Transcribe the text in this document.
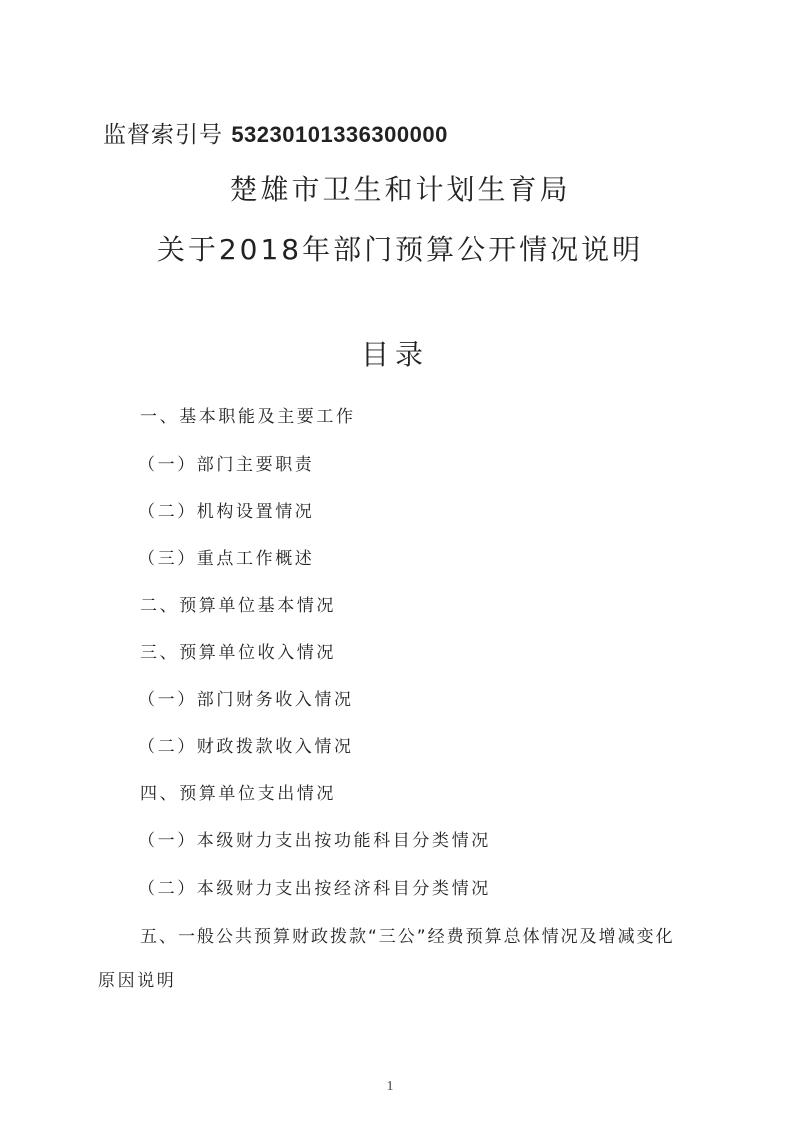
监督索引号 53230101336300000
楚雄市卫生和计划生育局
关于2018年部门预算公开情况说明
目录
一、基本职能及主要工作
（一）部门主要职责
（二）机构设置情况
（三）重点工作概述
二、预算单位基本情况
三、预算单位收入情况
（一）部门财务收入情况
（二）财政拨款收入情况
四、预算单位支出情况
（一）本级财力支出按功能科目分类情况
（二）本级财力支出按经济科目分类情况
五、一般公共预算财政拨款“三公”经费预算总体情况及增减变化
原因说明
1
